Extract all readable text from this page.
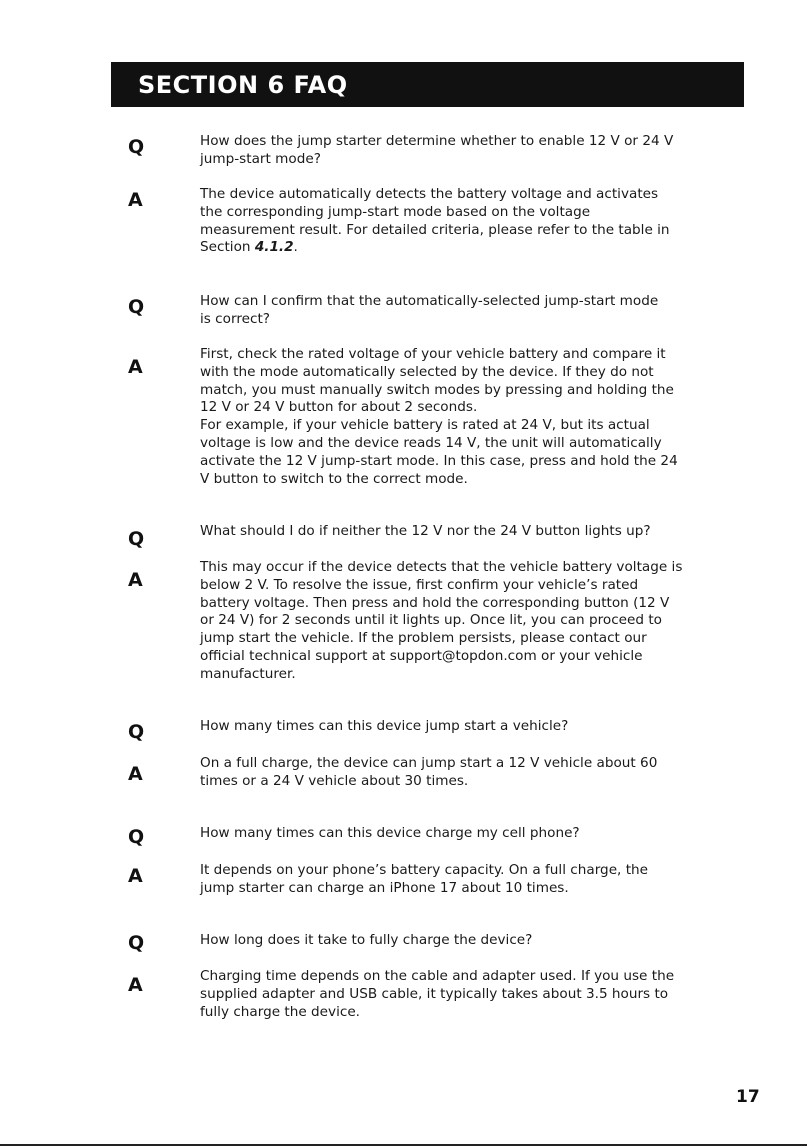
SECTION 6 FAQ
Q	How does the jump starter determine whether to enable 12 V or 24 V
jump-start mode?
A	The device automatically detects the battery voltage and activates
the corresponding jump-start mode based on the voltage
measurement result. For detailed criteria, please refer to the table in
Section 4.1.2.
Q	How can I confirm that the automatically-selected jump-start mode
is correct?
A
First, check the rated voltage of your vehicle battery and compare it
with the mode automatically selected by the device. If they do not
match, you must manually switch modes by pressing and holding the
12 V or 24 V button for about 2 seconds.
For example, if your vehicle battery is rated at 24 V, but its actual
voltage is low and the device reads 14 V, the unit will automatically
activate the 12 V jump-start mode. In this case, press and hold the 24
V button to switch to the correct mode.
Q	What should I do if neither the 12 V nor the 24 V button lights up?
A
This may occur if the device detects that the vehicle battery voltage is
below 2 V. To resolve the issue, first confirm your vehicle’s rated
battery voltage. Then press and hold the corresponding button (12 V
or 24 V) for 2 seconds until it lights up. Once lit, you can proceed to
jump start the vehicle. If the problem persists, please contact our
official technical support at support@topdon.com or your vehicle
manufacturer.
Q	How many times can this device jump start a vehicle?
A	On a full charge, the device can jump start a 12 V vehicle about 60
times or a 24 V vehicle about 30 times.
Q	How many times can this device charge my cell phone?
A	It depends on your phone’s battery capacity. On a full charge, the
jump starter can charge an iPhone 17 about 10 times.
Q	How long does it take to fully charge the device?
A	Charging time depends on the cable and adapter used. If you use the
supplied adapter and USB cable, it typically takes about 3.5 hours to
fully charge the device.
17
